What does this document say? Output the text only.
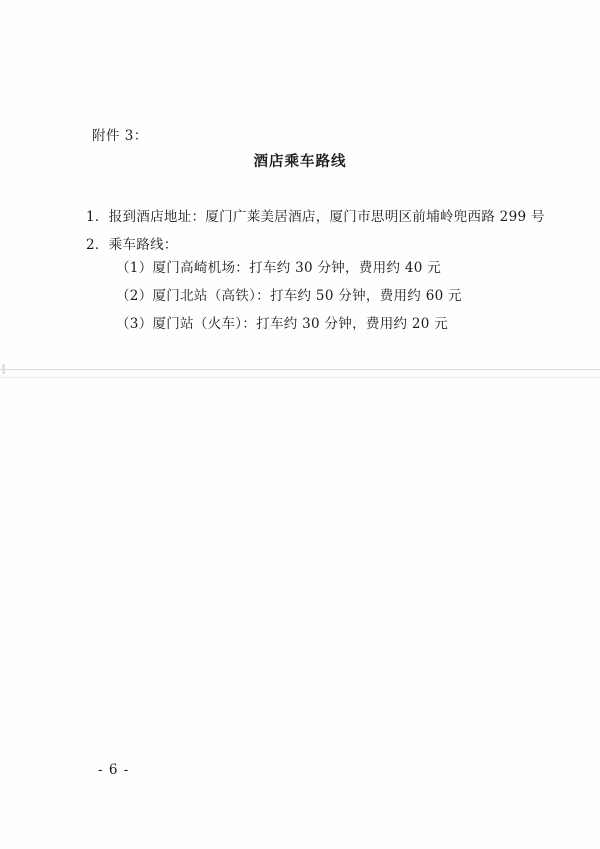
附件 3：
酒店乘车路线
1．报到酒店地址：厦门广莱美居酒店，厦门市思明区前埔岭兜西路 299 号
2．乘车路线：
（1）厦门高崎机场：打车约 30 分钟，费用约 40 元
（2）厦门北站（高铁）：打车约 50 分钟，费用约 60 元
（3）厦门站（火车）：打车约 30 分钟，费用约 20 元
- 6 -
